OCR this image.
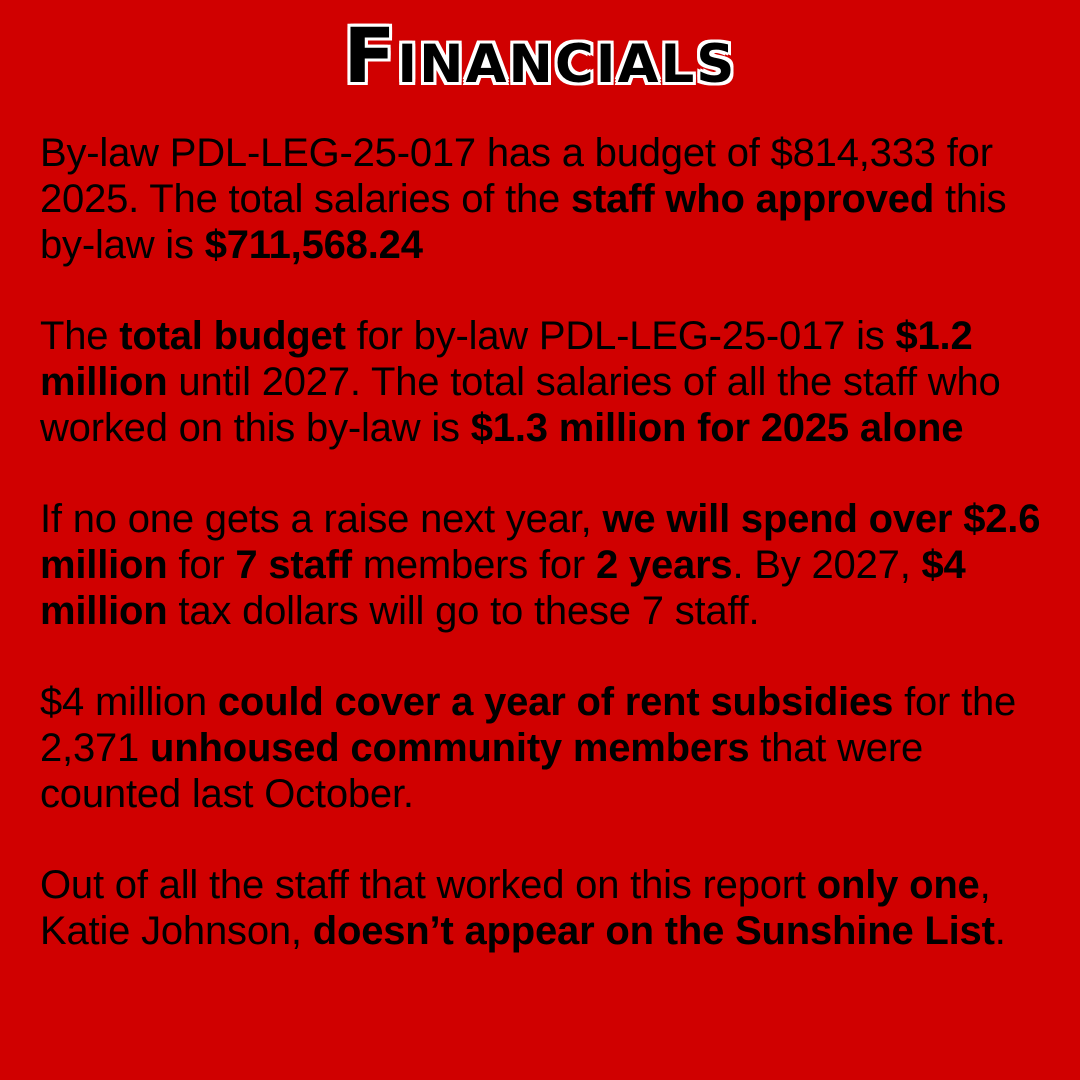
Financials

By-law PDL-LEG-25-017 has a budget of $814,333 for 2025. The total salaries of the staff who approved this by-law is $711,568.24

The total budget for by-law PDL-LEG-25-017 is $1.2 million until 2027. The total salaries of all the staff who worked on this by-law is $1.3 million for 2025 alone

If no one gets a raise next year, we will spend over $2.6 million for 7 staff members for 2 years. By 2027, $4 million tax dollars will go to these 7 staff.

$4 million could cover a year of rent subsidies for the 2,371 unhoused community members that were counted last October.

Out of all the staff that worked on this report only one, Katie Johnson, doesn’t appear on the Sunshine List.
